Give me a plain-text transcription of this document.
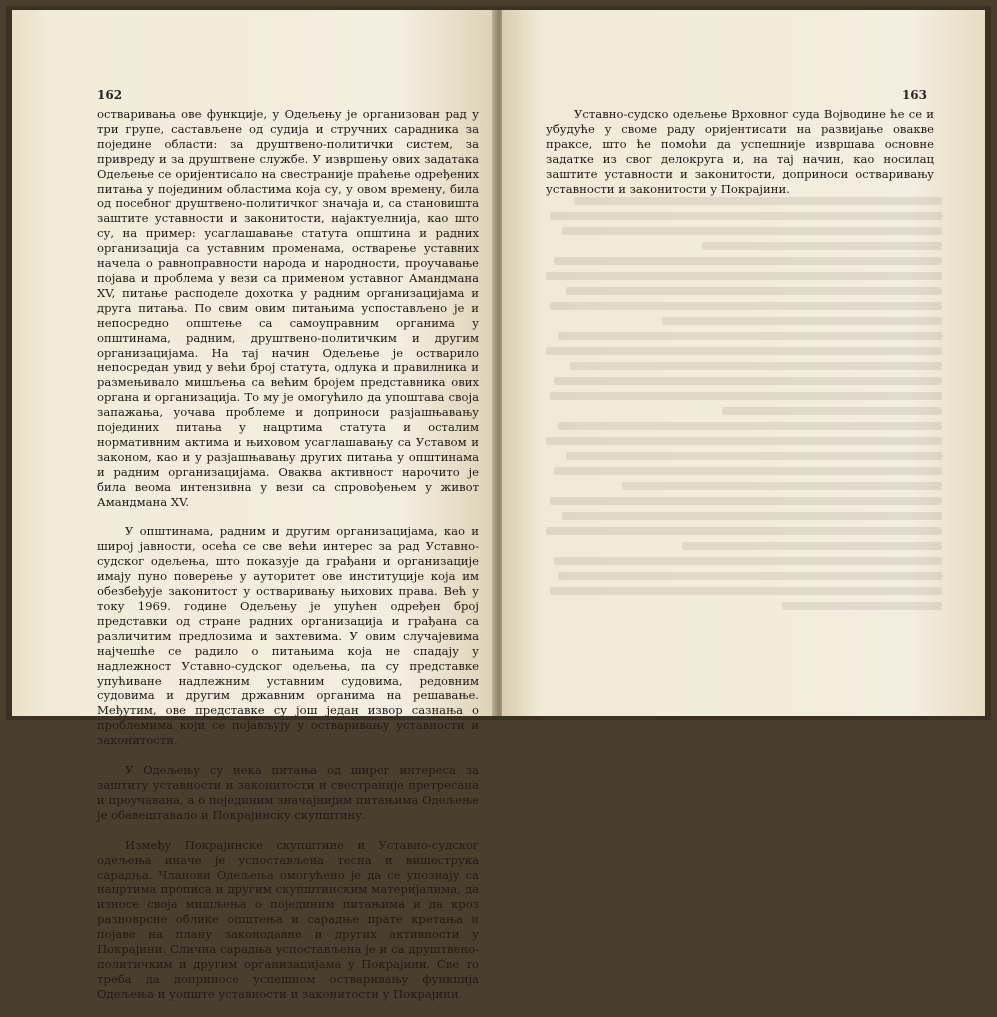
162

остваривања ове функције, у Одељењу је организован рад у три групе, састављене од судија и стручних сарадника за поједине области: за друштвено-политички систем, за привреду и за друштвене службе. У извршењу ових задатака Одељење се оријентисало на свестраније праћење одређених питања у појединим областима која су, у овом времену, била од посебног друштвено-политичког значаја и, са становишта заштите уставности и законитости, најактуелнија, као што су, на пример: усаглашавање статута општина и радних организација са уставним променама, остварење уставних начела о равноправности народа и народности, проучавање појава и проблема у вези са применом уставног Амандмана XV, питање расподеле дохотка у радним организацијама и друга питања. По свим овим питањима успостављено је и непосредно општење са самоуправним органима у општинама, радним, друштвено-политичким и другим организацијама. На тај начин Одељење је остварило непосредан увид у већи број статута, одлука и правилника и размењивало мишљења са већим бројем представника ових органа и организација. То му је омогућило да упоштава своја запажања, уочава проблеме и доприноси разјашњавању појединих питања у нацртима статута и осталим нормативним актима и њиховом усаглашавању са Уставом и законом, као и у разјашњавању других питања у општинама и радним организацијама. Оваква активност нарочито је била веома интензивна у вези са спровођењем у живот Амандмана XV.

У општинама, радним и другим организацијама, као и широј јавности, осећа се све већи интерес за рад Уставно-судског одељења, што показује да грађани и организације имају пуно поверење у ауторитет ове институције која им обезбеђује законитост у остваривању њихових права. Већ у току 1969. године Одељењу је упућен одређен број представки од стране радних организација и грађана са различитим предлозима и захтевима. У овим случајевима најчешће се радило о питањима која не спадају у надлежност Уставно-судског одељења, па су представке упућиване надлежним уставним судовима, редовним судовима и другим државним органима на решавање. Међутим, ове представке су још један извор сазнања о проблемима који се појављују у остваривању уставности и законитости.

У Одељењу су нека питања од ширег интереса за заштиту уставности и законитости и свестраније претресана и проучавана, а о појединим значајнијим питањима Одељење је обавештавало и Покрајинску скупштину.

Између Покрајинске скупштине и Уставно-судског одељења иначе је успостављена тесна и вишеструка сарадња. Чланови Одељења омогућено је да се упознају са нацртима прописа и другим скупштинским материјалима, да износе своја мишљења о појединим питањима и да кроз разноврсне облике општења и сарадње прате кретања и појаве на плану законодавне и других активности у Покрајини. Слична сарадња успостављена је и са друштвено-политичким и другим организацијама у Покрајини. Све то треба да доприносе успешном остваривању функција Одељења и уопште уставности и законитости у Покрајини.

163

Уставно-судско одељење Врховног суда Војводине ће се и убудуће у своме раду оријентисати на развијање овакве праксе, што ће помоћи да успешније извршава основне задатке из свог делокруга и, на тај начин, као носилац заштите уставности и законитости, доприноси остваривању уставности и законитости у Покрајини.
